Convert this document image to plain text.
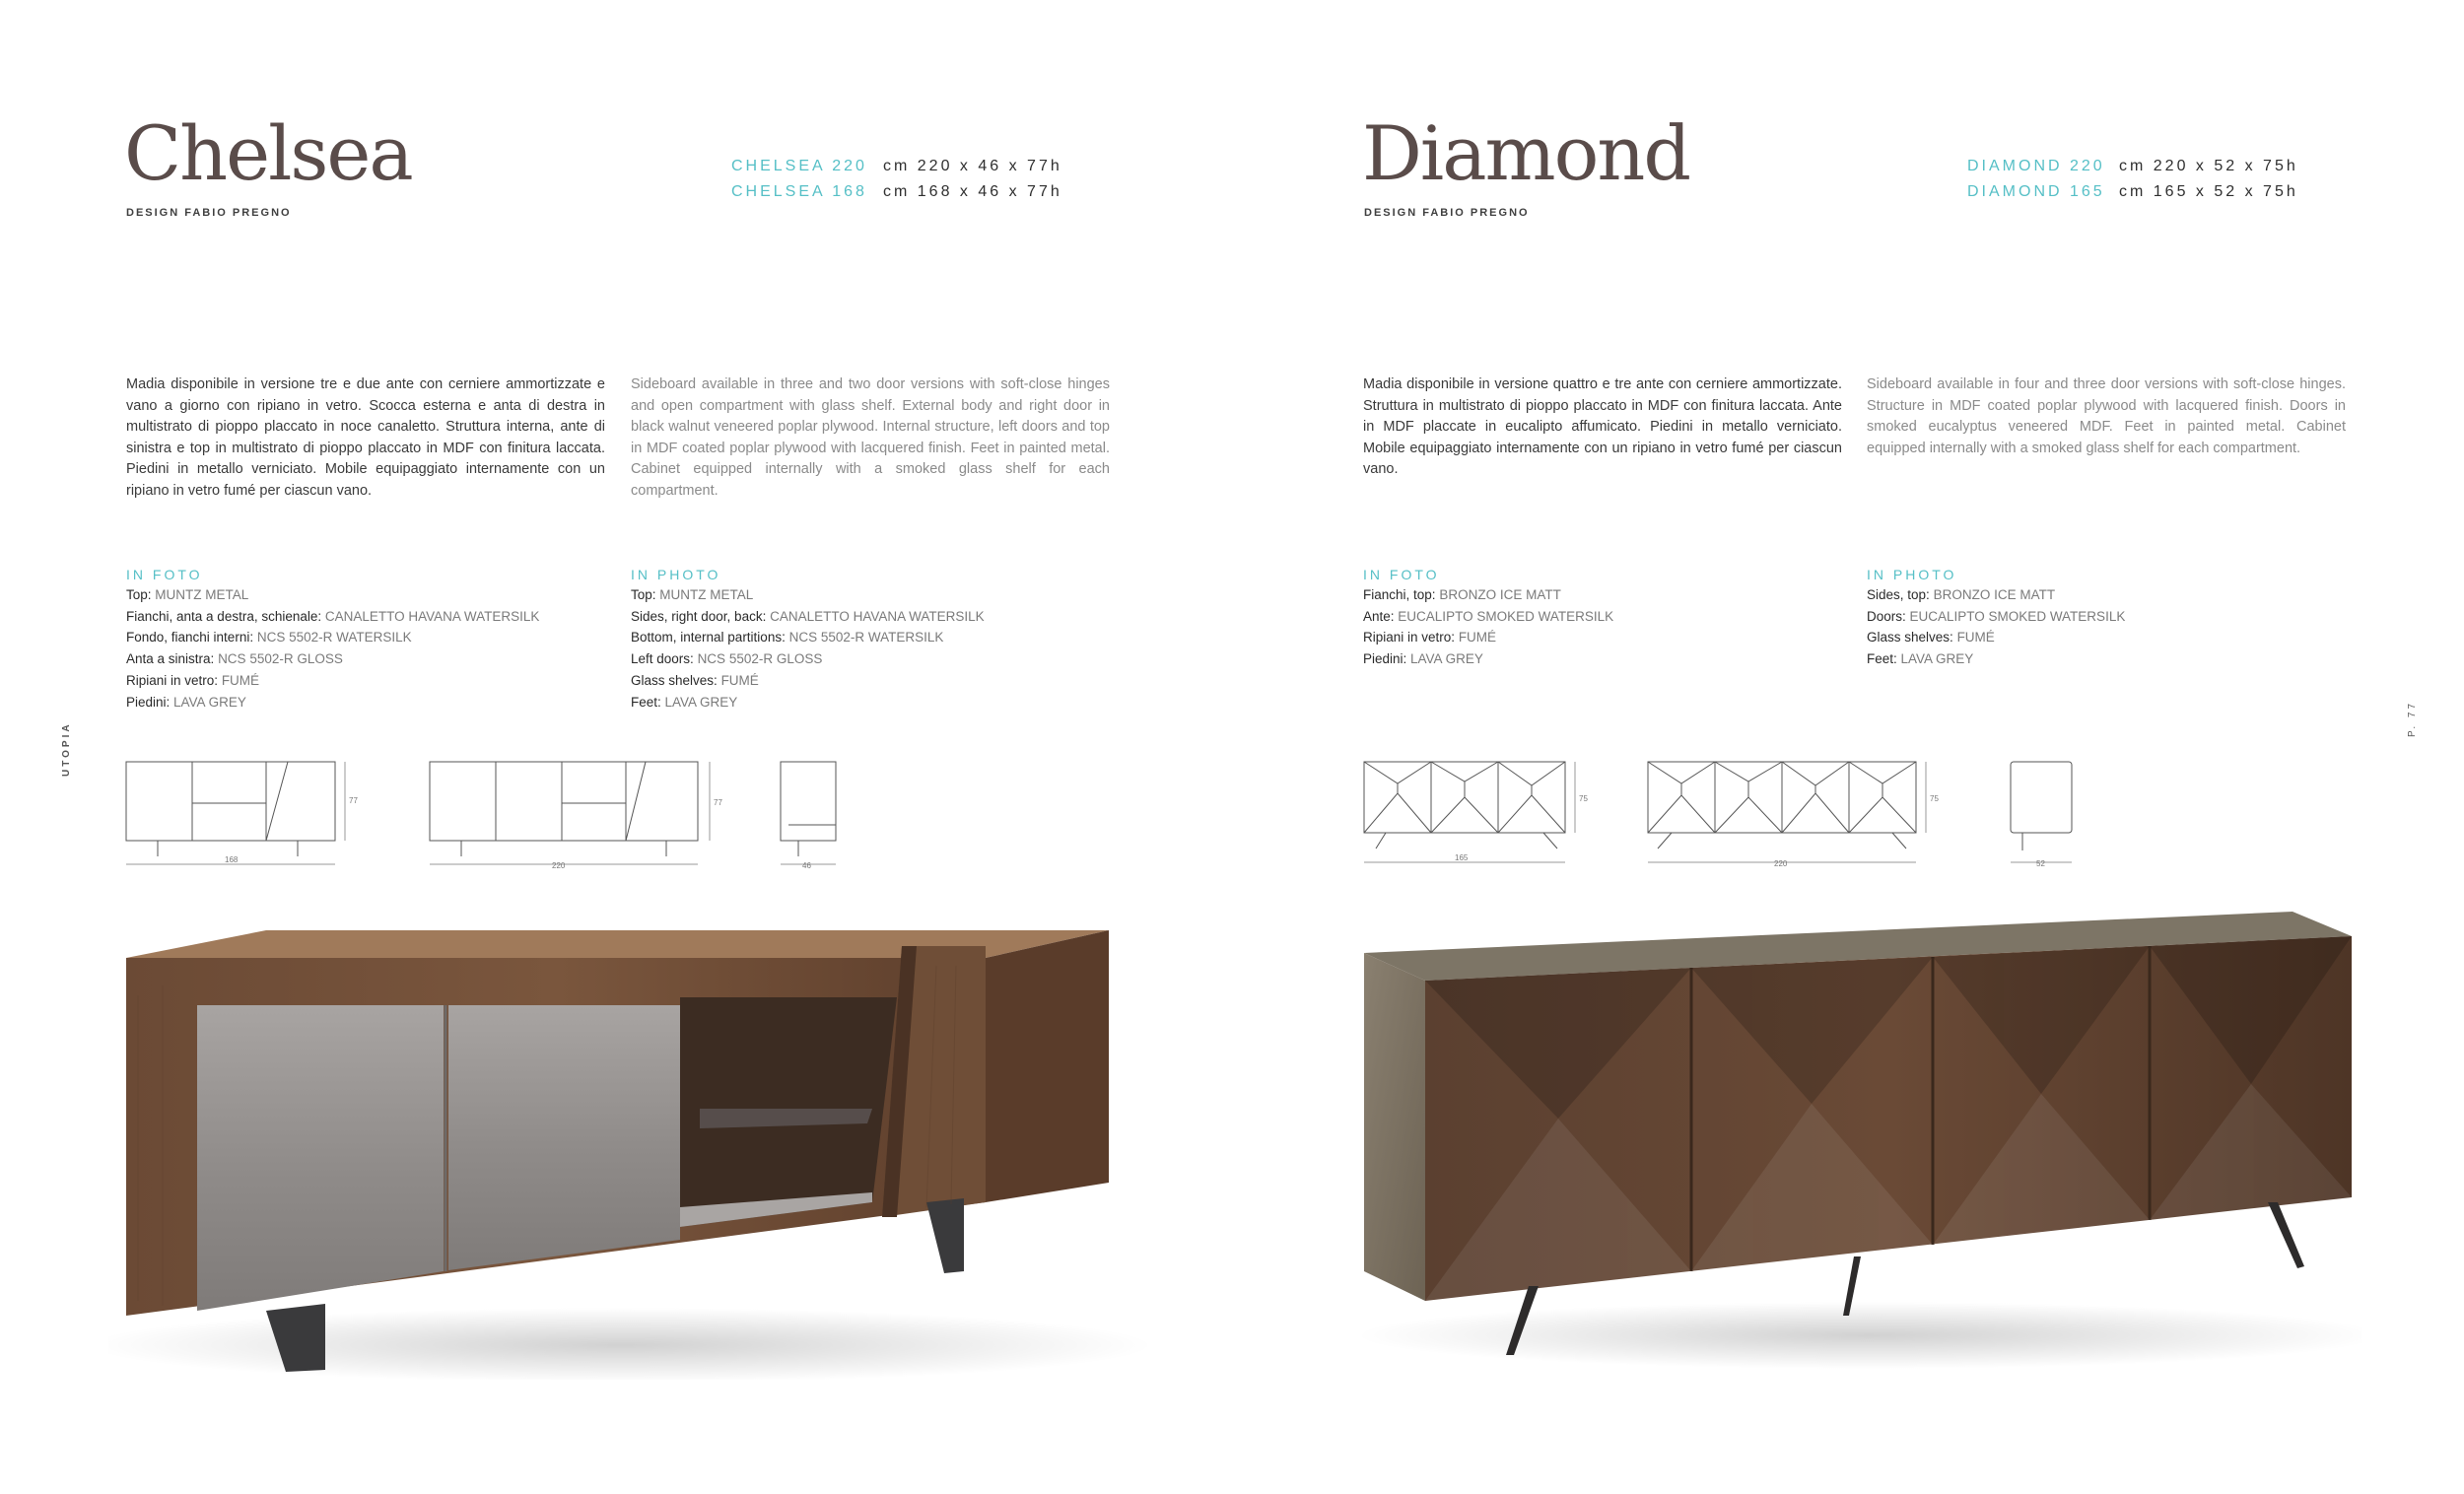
UTOPIA
P. 77
Chelsea
DESIGN FABIO PREGNO
CHELSEA 220	cm 220 x 46 x 77h
CHELSEA 168	cm 168 x 46 x 77h
Madia disponibile in versione tre e due ante con cerniere ammortizzate e vano a giorno con ripiano in vetro. Scocca esterna e anta di destra in multistrato di pioppo placcato in noce canaletto. Struttura interna, ante di sinistra e top in multistrato di pioppo placcato in MDF con finitura laccata. Piedini in metallo verniciato. Mobile equipaggiato internamente con un ripiano in vetro fumé per ciascun vano.
Sideboard available in three and two door versions with soft-close hinges and open compartment with glass shelf. External body and right door in black walnut veneered poplar plywood. Internal structure, left doors and top in MDF coated poplar plywood with lacquered finish. Feet in painted metal. Cabinet equipped internally with a smoked glass shelf for each compartment.
IN FOTO
Top: MUNTZ METAL
Fianchi, anta a destra, schienale: CANALETTO HAVANA WATERSILK
Fondo, fianchi interni: NCS 5502-R WATERSILK
Anta a sinistra: NCS 5502-R GLOSS
Ripiani in vetro: FUMÉ
Piedini: LAVA GREY
IN PHOTO
Top: MUNTZ METAL
Sides, right door, back: CANALETTO HAVANA WATERSILK
Bottom, internal partitions: NCS 5502-R WATERSILK
Left doors: NCS 5502-R GLOSS
Glass shelves: FUMÉ
Feet: LAVA GREY
168
220	46
77	77
Diamond
DESIGN FABIO PREGNO
DIAMOND 220 cm 220 x 52 x 75h
DIAMOND 165 cm 165 x 52 x 75h
Madia disponibile in versione quattro e tre ante con cerniere ammortizzate. Struttura in multistrato di pioppo placcato in MDF con finitura laccata. Ante in MDF placcate in eucalipto affumicato. Piedini in metallo verniciato. Mobile equipaggiato internamente con un ripiano in vetro fumé per ciascun vano.
Sideboard available in four and three door versions with soft-close hinges. Structure in MDF coated poplar plywood with lacquered finish. Doors in smoked eucalyptus veneered MDF. Feet in painted metal. Cabinet equipped internally with a smoked glass shelf for each compartment.
IN FOTO
Fianchi, top: BRONZO ICE MATT
Ante: EUCALIPTO SMOKED WATERSILK
Ripiani in vetro: FUMÉ
Piedini: LAVA GREY
IN PHOTO
Sides, top: BRONZO ICE MATT
Doors: EUCALIPTO SMOKED WATERSILK
Glass shelves: FUMÉ
Feet: LAVA GREY
165
220	52
75	75
